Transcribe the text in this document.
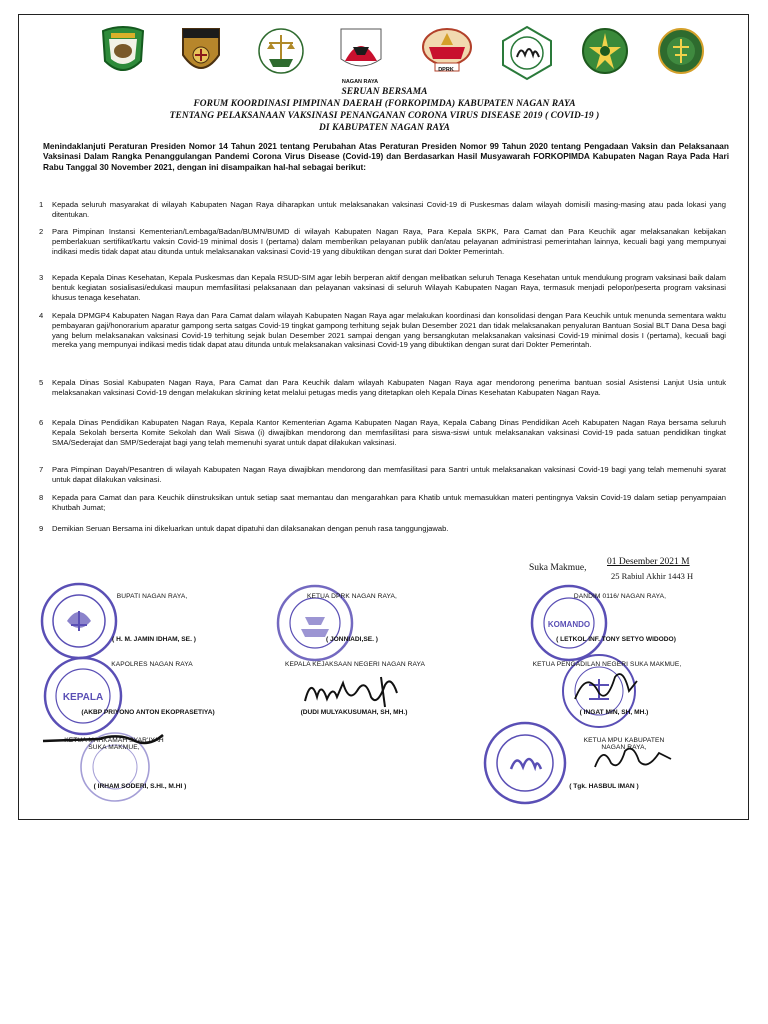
NAGAN RAYA
DPRK
SERUAN BERSAMA
FORUM KOORDINASI PIMPINAN DAERAH (FORKOPIMDA) KABUPATEN NAGAN RAYA
TENTANG PELAKSANAAN VAKSINASI PENANGANAN CORONA VIRUS DISEASE 2019 ( COVID-19 )
DI KABUPATEN NAGAN RAYA
Menindaklanjuti Peraturan Presiden Nomor 14 Tahun 2021 tentang Perubahan Atas Peraturan Presiden Nomor 99 Tahun 2020 tentang Pengadaan Vaksin dan Pelaksanaan Vaksinasi Dalam Rangka Penanggulangan Pandemi Corona Virus Disease (Covid-19) dan Berdasarkan Hasil Musyawarah FORKOPIMDA Kabupaten Nagan Raya Pada Hari Rabu Tanggal 30 November 2021, dengan ini disampaikan hal-hal sebagai berikut:
1 Kepada seluruh masyarakat di wilayah Kabupaten Nagan Raya diharapkan untuk melaksanakan vaksinasi Covid-19 di Puskesmas dalam wilayah domisili masing-masing atau pada lokasi yang ditentukan.
2 Para Pimpinan Instansi Kementerian/Lembaga/Badan/BUMN/BUMD di wilayah Kabupaten Nagan Raya, Para Kepala SKPK, Para Camat dan Para Keuchik agar melaksanakan kebijakan pemberlakuan sertifikat/kartu vaksin Covid-19 minimal dosis I (pertama) dalam memberikan pelayanan publik dan/atau pelayanan administrasi pemerintahan lainnya, kecuali bagi yang mempunyai indikasi medis tidak dapat atau ditunda untuk melaksanakan vaksinasi Covid-19 yang dibuktikan dengan surat dari Dokter Pemerintah.
3 Kepada Kepala Dinas Kesehatan, Kepala Puskesmas dan Kepala RSUD-SIM agar lebih berperan aktif dengan melibatkan seluruh Tenaga Kesehatan untuk mendukung program vaksinasi baik dalam bentuk kegiatan sosialisasi/edukasi maupun memfasilitasi pelaksanaan dan pelayanan vaksinasi di seluruh Wilayah Kabupaten Nagan Raya, termasuk menjadi pelopor/peserta program vaksinasi khusus tenaga kesehatan.
4 Kepala DPMGP4 Kabupaten Nagan Raya dan Para Camat dalam wilayah Kabupaten Nagan Raya agar melakukan koordinasi dan konsolidasi dengan Para Keuchik untuk menunda sementara waktu pembayaran gaji/honorarium aparatur gampong serta satgas Covid-19 tingkat gampong terhitung sejak bulan Desember 2021 dan tidak melaksanakan penyaluran Bantuan Sosial BLT Dana Desa bagi yang belum melaksanakan vaksinasi Covid-19 terhitung sejak bulan Desember 2021 sampai dengan yang bersangkutan melaksanakan vaksinasi Covid-19 minimal dosis I (pertama), kecuali bagi mereka yang mempunyai indikasi medis tidak dapat atau ditunda untuk melaksanakan vaksinasi Covid-19 yang dibuktikan dengan surat dari Dokter Pemerintah.
5 Kepala Dinas Sosial Kabupaten Nagan Raya, Para Camat dan Para Keuchik dalam wilayah Kabupaten Nagan Raya agar mendorong penerima bantuan sosial Asistensi Lanjut Usia untuk melaksanakan vaksinasi Covid-19 dengan melakukan skrining ketat melalui petugas medis yang ditetapkan oleh Kepala Dinas Kesehatan Kabupaten Nagan Raya.
6 Kepala Dinas Pendidikan Kabupaten Nagan Raya, Kepala Kantor Kementerian Agama Kabupaten Nagan Raya, Kepala Cabang Dinas Pendidikan Aceh Kabupaten Nagan Raya bersama seluruh Kepala Sekolah berserta Komite Sekolah dan Wali Siswa (i) diwajibkan mendorong dan memfasilitasi para siswa-siswi untuk melaksanakan vaksinasi Covid-19 pada satuan pendidikan tingkat SMA/Sederajat dan SMP/Sederajat bagi yang telah memenuhi syarat untuk dapat dilakukan vaksinasi.
7 Para Pimpinan Dayah/Pesantren di wilayah Kabupaten Nagan Raya diwajibkan mendorong dan memfasilitasi para Santri untuk melaksanakan vaksinasi Covid-19 bagi yang telah memenuhi syarat untuk dapat dilakukan vaksinasi.
8 Kepada para Camat dan para Keuchik diinstruksikan untuk setiap saat memantau dan mengarahkan para Khatib untuk memasukkan materi pentingnya Vaksin Covid-19 dalam setiap penyampaian Khutbah Jumat;
9 Demikian Seruan Bersama ini dikeluarkan untuk dapat dipatuhi dan dilaksanakan dengan penuh rasa tanggungjawab.
Suka Makmue,
01 Desember 2021 M
25 Rabiul Akhir 1443 H
KOMANDO
KEPALA
BUPATI NAGAN RAYA,
( H. M. JAMIN IDHAM, SE. )
KETUA DPRK NAGAN RAYA,
( JONNIADI,SE. )
DANDIM 0116/ NAGAN RAYA,
( LETKOL INF. TONY SETYO WIDODO)
KAPOLRES NAGAN RAYA
(AKBP PRIYONO ANTON EKOPRASETIYA)
KEPALA KEJAKSAAN NEGERI NAGAN RAYA
(DUDI MULYAKUSUMAH, SH, MH.)
KETUA PENGADILAN NEGERI SUKA MAKMUE,
( INGAT MIN, SH, MH.)
KETUA MAHKAMAH SYAR'IYAH SUKA MAKMUE,
( IRHAM SODERI, S.HI., M.HI )
KETUA MPU KABUPATEN NAGAN RAYA,
( Tgk. HASBUL IMAN )
